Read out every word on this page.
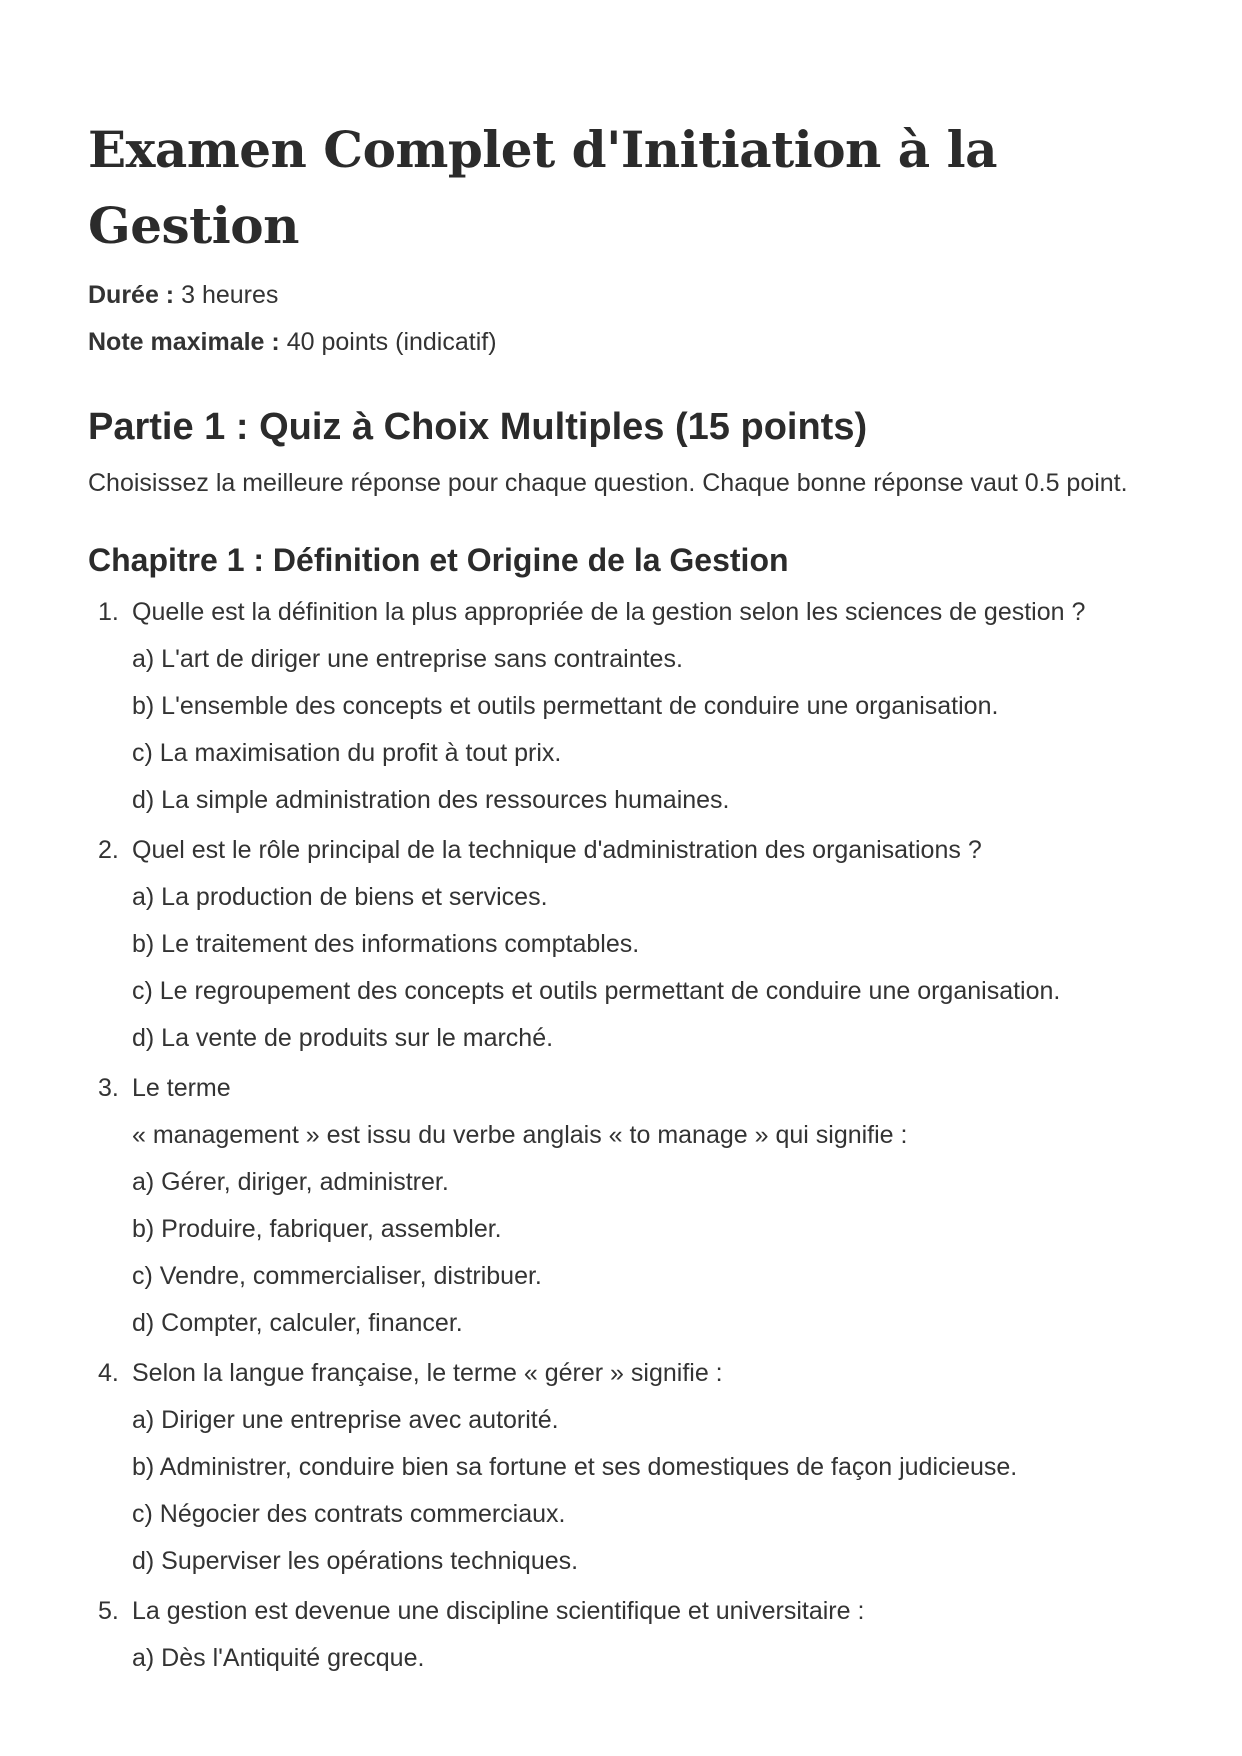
Examen Complet d'Initiation à la Gestion

Durée : 3 heures

Note maximale : 40 points (indicatif)

Partie 1 : Quiz à Choix Multiples (15 points)

Choisissez la meilleure réponse pour chaque question. Chaque bonne réponse vaut 0.5 point.

Chapitre 1 : Définition et Origine de la Gestion
1. Quelle est la définition la plus appropriée de la gestion selon les sciences de gestion ?
a) L'art de diriger une entreprise sans contraintes.
b) L'ensemble des concepts et outils permettant de conduire une organisation.
c) La maximisation du profit à tout prix.
d) La simple administration des ressources humaines.
2. Quel est le rôle principal de la technique d'administration des organisations ?
a) La production de biens et services.
b) Le traitement des informations comptables.
c) Le regroupement des concepts et outils permettant de conduire une organisation.
d) La vente de produits sur le marché.
3. Le terme
« management » est issu du verbe anglais « to manage » qui signifie :
a) Gérer, diriger, administrer.
b) Produire, fabriquer, assembler.
c) Vendre, commercialiser, distribuer.
d) Compter, calculer, financer.
4. Selon la langue française, le terme « gérer » signifie :
a) Diriger une entreprise avec autorité.
b) Administrer, conduire bien sa fortune et ses domestiques de façon judicieuse.
c) Négocier des contrats commerciaux.
d) Superviser les opérations techniques.
5. La gestion est devenue une discipline scientifique et universitaire :
a) Dès l'Antiquité grecque.
